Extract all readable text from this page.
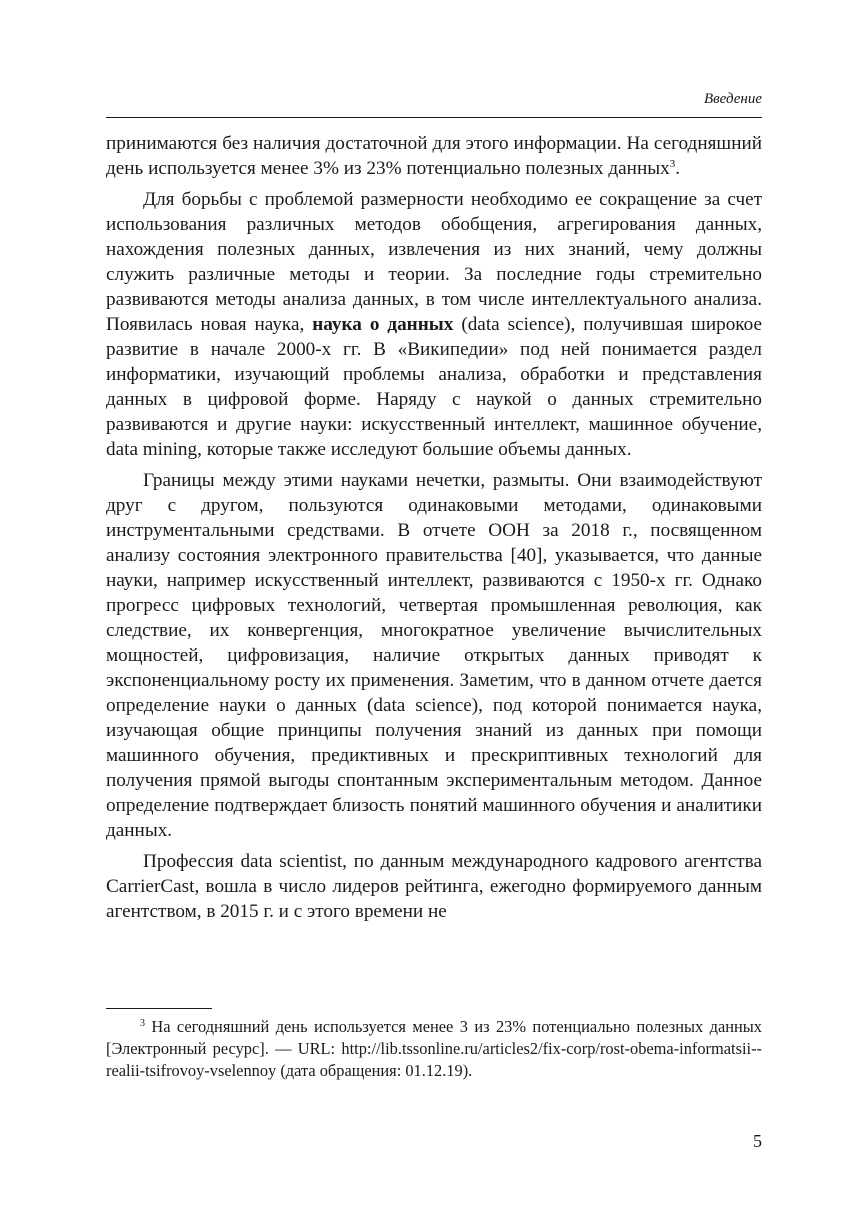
Введение

принимаются без наличия достаточной для этого информации. На сегодняшний день используется менее 3% из 23% потенциально полезных данных$^3$.

Для борьбы с проблемой размерности необходимо ее сокращение за счет использования различных методов обобщения, агрегирования данных, нахождения полезных данных, извлечения из них знаний, чему должны служить различные методы и теории. За последние годы стремительно развиваются методы анализа данных, в том числе интеллектуального анализа. Появилась новая наука, наука о данных (data science), получившая широкое развитие в начале 2000-х гг. В «Википедии» под ней понимается раздел информатики, изучающий проблемы анализа, обработки и представления данных в цифровой форме. Наряду с наукой о данных стремительно развиваются и другие науки: искусственный интеллект, машинное обучение, data mining, которые также исследуют большие объемы данных.

Границы между этими науками нечетки, размыты. Они взаимодействуют друг с другом, пользуются одинаковыми методами, одинаковыми инструментальными средствами. В отчете ООН за 2018 г., посвященном анализу состояния электронного правительства [40], указывается, что данные науки, например искусственный интеллект, развиваются с 1950-х гг. Однако прогресс цифровых технологий, четвертая промышленная революция, как следствие, их конвергенция, многократное увеличение вычислительных мощностей, цифровизация, наличие открытых данных приводят к экспоненциальному росту их применения. Заметим, что в данном отчете дается определение науки о данных (data science), под которой понимается наука, изучающая общие принципы получения знаний из данных при помощи машинного обучения, предиктивных и прескриптивных технологий для получения прямой выгоды спонтанным экспериментальным методом. Данное определение подтверждает близость понятий машинного обучения и аналитики данных.

Профессия data scientist, по данным международного кадрового агентства CarrierCast, вошла в число лидеров рейтинга, ежегодно формируемого данным агентством, в 2015 г. и с этого времени не

$^3$ На сегодняшний день используется менее 3 из 23% потенциально полезных данных [Электронный ресурс]. — URL: http://lib.tssonline.ru/articles2/fix-corp/rost-obema-informatsii--realii-tsifrovoy-vselennoy (дата обращения: 01.12.19).

5
